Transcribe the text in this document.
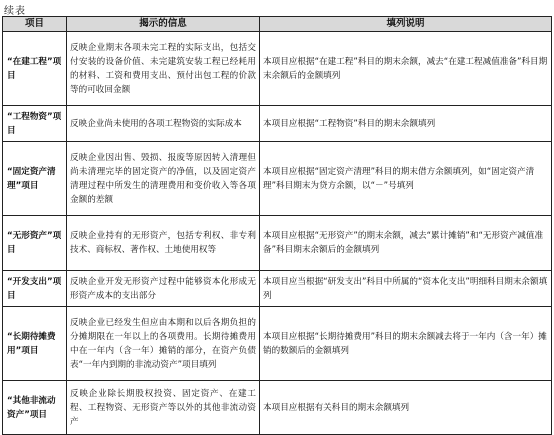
续表
项目	揭示的信息	填列说明
“在建工程”项目	反映企业期末各项未完工程的实际支出，包括交付安装的设备价值、未完建筑安装工程已经耗用的材料、工资和费用支出、预付出包工程的价款等的可收回金额	本项目应根据“在建工程”科目的期末余额，减去“在建工程减值准备”科目期末余额后的金额填列
“工程物资”项目	反映企业尚未使用的各项工程物资的实际成本	本项目应根据“工程物资”科目的期末余额填列
“固定资产清理”项目	反映企业因出售、毁损、报废等原因转入清理但尚未清理完毕的固定资产的净值，以及固定资产清理过程中所发生的清理费用和变价收入等各项金额的差额	本项目应根据“固定资产清理”科目的期末借方余额填列，如“固定资产清理”科目期末为贷方余额，以“－”号填列
“无形资产”项目	反映企业持有的无形资产，包括专利权、非专利技术、商标权、著作权、土地使用权等	本项目应根据“无形资产”的期末余额，减去“累计摊销”和“无形资产减值准备”科目期末余额后的金额填列
“开发支出”项目	反映企业开发无形资产过程中能够资本化形成无形资产成本的支出部分	本项目应当根据“研发支出”科目中所属的“资本化支出”明细科目期末余额填列
“长期待摊费用”项目	反映企业已经发生但应由本期和以后各期负担的分摊期限在一年以上的各项费用。长期待摊费用中在一年内（含一年）摊销的部分，在资产负债表“一年内到期的非流动资产”项目填列	本项目应根据“长期待摊费用”科目的期末余额减去将于一年内（含一年）摊销的数额后的金额填列
“其他非流动资产”项目	反映企业除长期股权投资、固定资产、在建工程、工程物资、无形资产等以外的其他非流动资产	本项目应根据有关科目的期末余额填列
